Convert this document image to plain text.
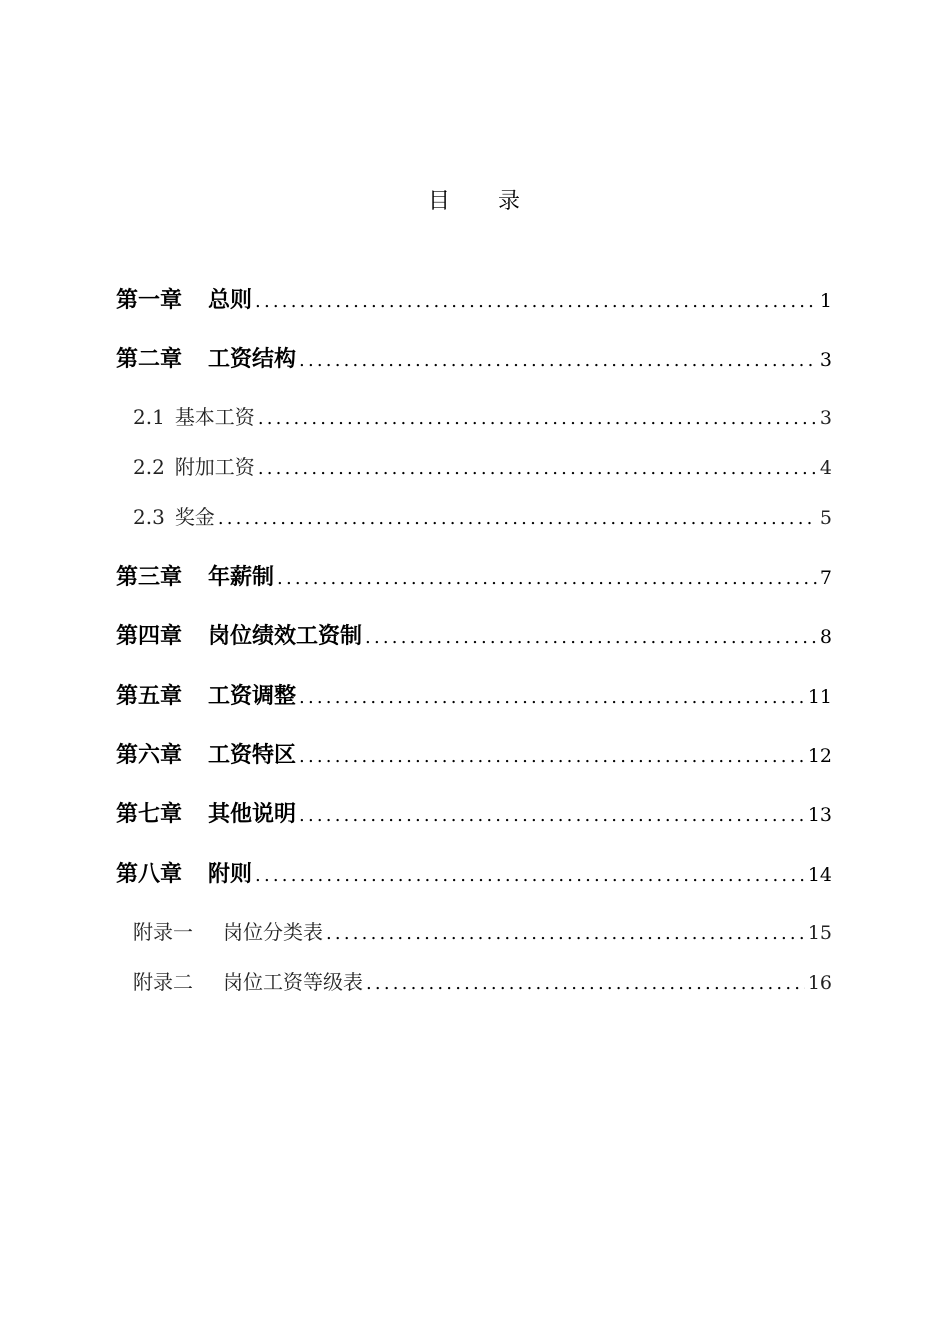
目 录
第一章 总则 .....	1
第二章 工资结构 .....	3
2.1 基本工资 .....	3
2.2 附加工资 .....	4
2.3 奖金 .....	5
第三章 年薪制 .....	7
第四章 岗位绩效工资制 .....	8
第五章 工资调整 .....	11
第六章 工资特区 .....	12
第七章 其他说明 .....	13
第八章 附则 .....	14
附录一 岗位分类表 .....	15
附录二 岗位工资等级表 .....	16
